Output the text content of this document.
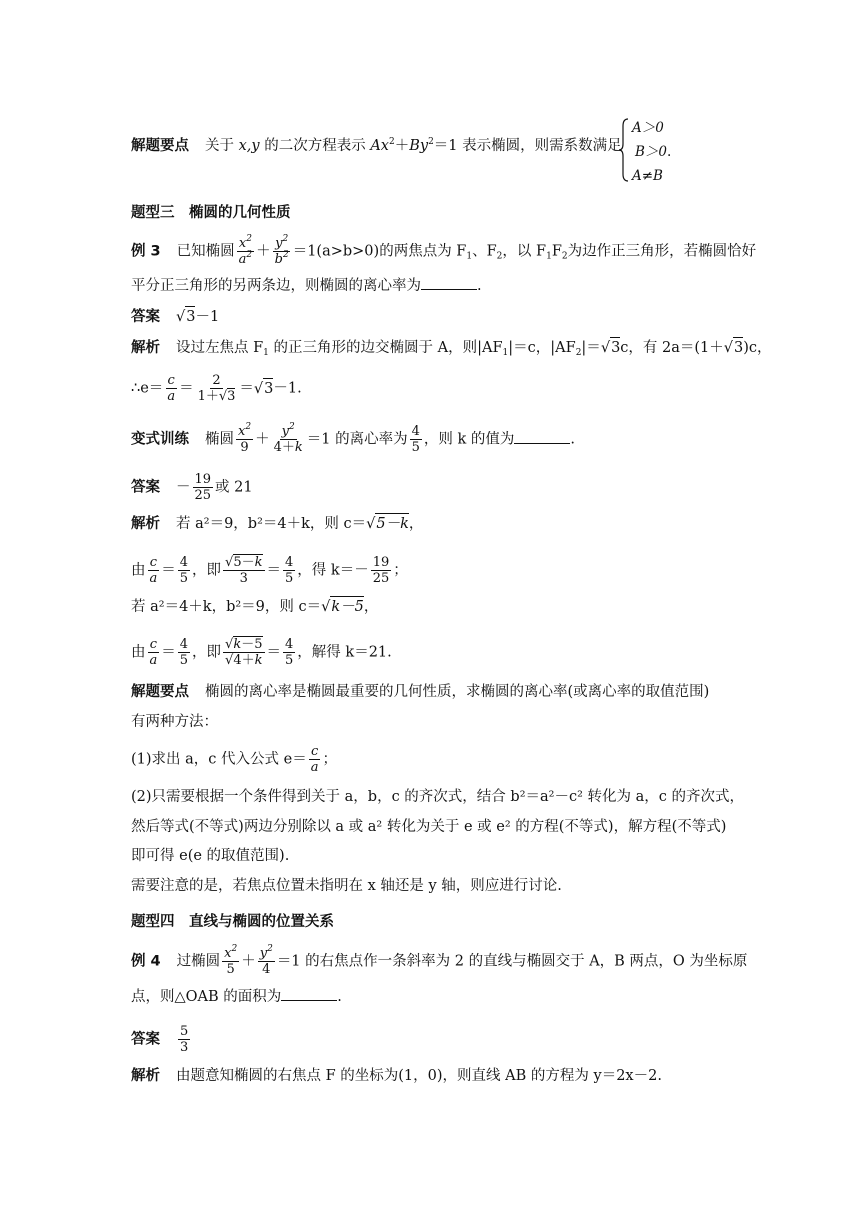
解题要点 关于 x,y 的二次方程表示 $Ax^2+By^2=1$ 表示椭圆，则需系数满足
A＞0
B＞0.
A≠B
题型三　椭圆的几何性质
例 3 已知椭圆 $\frac{x^2}{a^2} + \frac{y^2}{b^2} =1(a>b>0)$的两焦点为 $F_1$、$F_2$，以 $F_1F_2$为边作正三角形，若椭圆恰好
平分正三角形的另两条边，则椭圆的离心率为	.
答案 √ 3 －1
解析 设过左焦点 $F_1$ 的正三角形的边交椭圆于 A，则$|AF_1|=c$，$|AF_2|=√$ 3 c，有 2a＝(1＋√ 3 )c，
∴e＝ $\frac{c}{a} = \frac{2}{1+√3}$ ＝√ 3 －1.
变式训练 椭圆 $\frac{x^2}{9} + \frac{y^2}{4+k} =1$ 的离心率为 $\frac{4}{5}$ ，则 k 的值为	.
答案 － $\frac{19}{25}$ 或 21
解析 若 a²＝9，b²＝4＋k，则 c＝√ 5－k ，
由 $\frac{c}{a} = \frac{4}{5}$ ，即 $\frac{√5-k}{3} = \frac{4}{5}$ ，得 $k=- \frac{19}{25}$ ；
若 a²＝4＋k，b²＝9，则 c＝√ k－5 ，
由 $\frac{c}{a} = \frac{4}{5}$ ，即 $\frac{√k-5}{√4+k} = \frac{4}{5}$ ，解得 k＝21.
解题要点 椭圆的离心率是椭圆最重要的几何性质，求椭圆的离心率(或离心率的取值范围)
有两种方法：
(1)求出 a，c 代入公式 $e= \frac{c}{a}$ ；
(2)只需要根据一个条件得到关于 a，b，c 的齐次式，结合 b²＝a²－c² 转化为 a，c 的齐次式，
然后等式(不等式)两边分别除以 a 或 a² 转化为关于 e 或 e² 的方程(不等式)，解方程(不等式)
即可得 e(e 的取值范围).
需要注意的是，若焦点位置未指明在 x 轴还是 y 轴，则应进行讨论.
题型四　直线与椭圆的位置关系
例 4 过椭圆 $\frac{x^2}{5} + \frac{y^2}{4} =1$ 的右焦点作一条斜率为 2 的直线与椭圆交于 A，B 两点，O 为坐标原
点，则△OAB 的面积为	.
答案 $\frac{5}{3}$
解析 由题意知椭圆的右焦点 F 的坐标为(1，0)，则直线 AB 的方程为 y＝2x－2.
